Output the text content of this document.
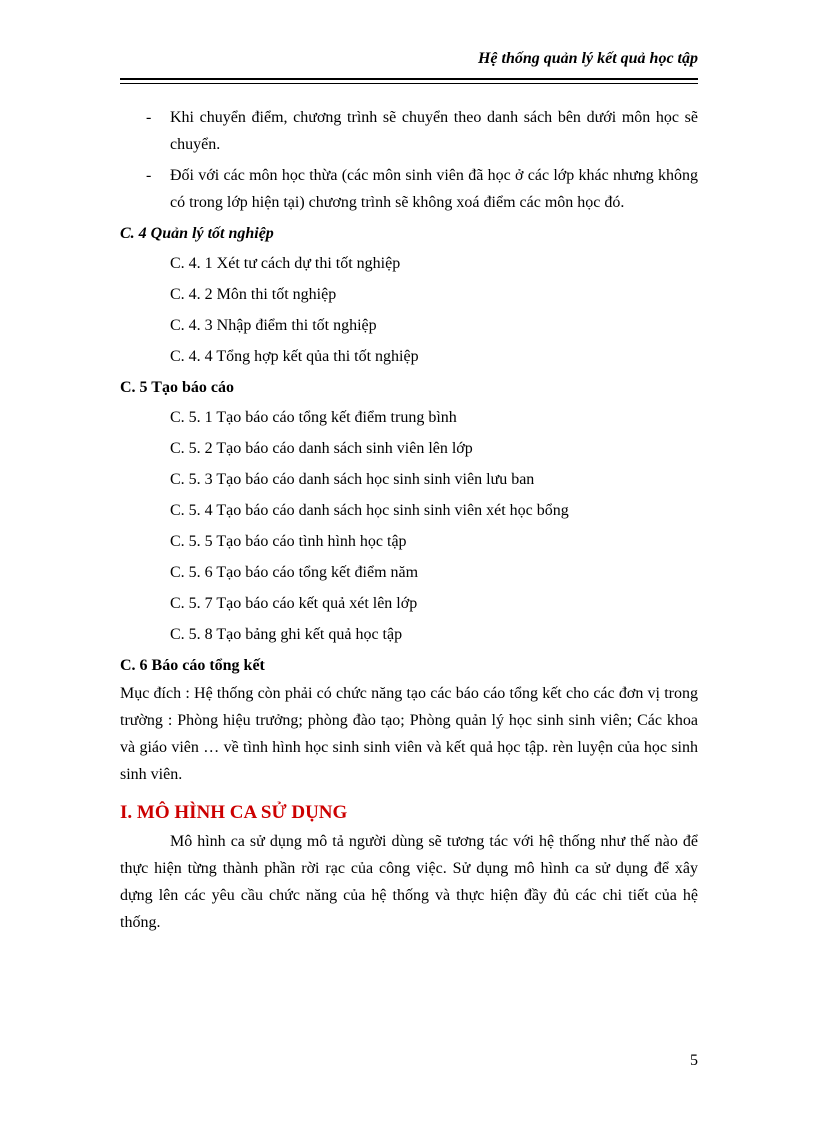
Hệ thống quản lý kết quả học tập
- Khi chuyển điểm, chương trình sẽ chuyển theo danh sách bên dưới môn học sẽ chuyển.
- Đối với các môn học thừa (các môn sinh viên đã học ở các lớp khác nhưng không có trong lớp hiện tại) chương trình sẽ không xoá điểm các môn học đó.
C. 4 Quản lý tốt nghiệp
C. 4. 1 Xét tư cách dự thi tốt nghiệp
C. 4. 2 Môn thi tốt nghiệp
C. 4. 3 Nhập điểm thi tốt nghiệp
C. 4. 4 Tổng hợp kết qủa thi tốt nghiệp
C. 5 Tạo báo cáo
C. 5. 1 Tạo báo cáo tổng kết điểm trung bình
C. 5. 2 Tạo báo cáo danh sách sinh viên lên lớp
C. 5. 3 Tạo báo cáo danh sách học sinh sinh viên lưu ban
C. 5. 4 Tạo báo cáo danh sách học sinh sinh viên xét học bổng
C. 5. 5 Tạo báo cáo tình hình học tập
C. 5. 6 Tạo báo cáo tổng kết điểm năm
C. 5. 7 Tạo báo cáo kết quả xét lên lớp
C. 5. 8 Tạo bảng ghi kết quả học tập
C. 6 Báo cáo tổng kết
Mục đích : Hệ thống còn phải có chức năng tạo các báo cáo tổng kết cho các đơn vị trong trường : Phòng hiệu trưởng; phòng đào tạo; Phòng quản lý học sinh sinh viên; Các khoa và giáo viên … về tình hình học sinh sinh viên và kết quả học tập. rèn luyện của học sinh sinh viên.
I. MÔ HÌNH CA SỬ DỤNG
Mô hình ca sử dụng mô tả người dùng sẽ tương tác với hệ thống như thế nào để thực hiện từng thành phần rời rạc của công việc. Sử dụng mô hình ca sử dụng để xây dựng lên các yêu cầu chức năng của hệ thống và thực hiện đầy đủ các chi tiết của hệ thống.
5
